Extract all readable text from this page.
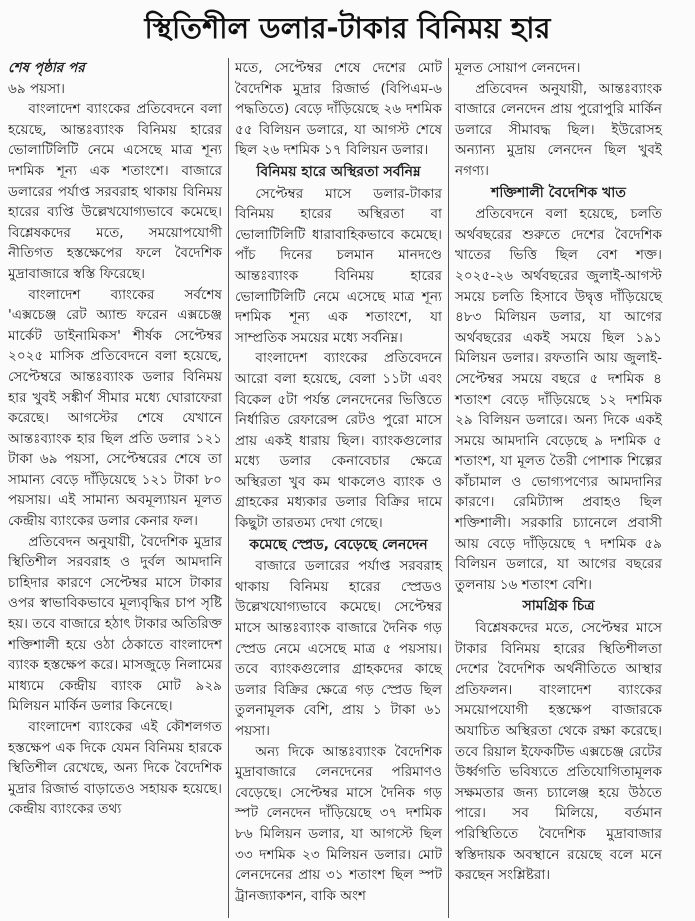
স্থিতিশীল ডলার-টাকার বিনিময় হার
শেষ পৃষ্ঠার পর

৬৯ পয়সা।

বাংলাদেশ ব্যাংকের প্রতিবেদনে বলা হয়েছে, আন্তঃব্যাংক বিনিময় হারের ভোলাটিলিটি নেমে এসেছে মাত্র শূন্য দশমিক শূন্য এক শতাংশে। বাজারে ডলারের পর্যাপ্ত সরবরাহ থাকায় বিনিময় হারের ব্যপ্তি উল্লেখযোগ্যভাবে কমেছে। বিশ্লেষকদের মতে, সময়োপযোগী নীতিগত হস্তক্ষেপের ফলে বৈদেশিক মুদ্রাবাজারে স্বস্তি ফিরেছে।

বাংলাদেশ ব্যাংকের সর্বশেষ 'এক্সচেঞ্জ রেট অ্যান্ড ফরেন এক্সচেঞ্জ মার্কেট ডাইনামিকস' শীর্ষক সেপ্টেম্বর ২০২৫ মাসিক প্রতিবেদনে বলা হয়েছে, সেপ্টেম্বরে আন্তঃব্যাংক ডলার বিনিময় হার খুবই সঙ্কীর্ণ সীমার মধ্যে ঘোরাফেরা করেছে। আগস্টের শেষে যেখানে আন্তঃব্যাংক হার ছিল প্রতি ডলার ১২১ টাকা ৬৯ পয়সা, সেপ্টেম্বরের শেষে তা সামান্য বেড়ে দাঁড়িয়েছে ১২১ টাকা ৮০ পয়সায়। এই সামান্য অবমূল্যায়ন মূলত কেন্দ্রীয় ব্যাংকের ডলার কেনার ফল।

প্রতিবেদন অনুযায়ী, বৈদেশিক মুদ্রার স্থিতিশীল সরবরাহ ও দুর্বল আমদানি চাহিদার কারণে সেপ্টেম্বর মাসে টাকার ওপর স্বাভাবিকভাবে মূল্যবৃদ্ধির চাপ সৃষ্টি হয়। তবে বাজারে হঠাৎ টাকার অতিরিক্ত শক্তিশালী হয়ে ওঠা ঠেকাতে বাংলাদেশ ব্যাংক হস্তক্ষেপ করে। মাসজুড়ে নিলামের মাধ্যমে কেন্দ্রীয় ব্যাংক মোট ৯২৯ মিলিয়ন মার্কিন ডলার কিনেছে।

বাংলাদেশ ব্যাংকের এই কৌশলগত হস্তক্ষেপ এক দিকে যেমন বিনিময় হারকে স্থিতিশীল রেখেছে, অন্য দিকে বৈদেশিক মুদ্রার রিজার্ভ বাড়াতেও সহায়ক হয়েছে। কেন্দ্রীয় ব্যাংকের তথ্য

মতে, সেপ্টেম্বর শেষে দেশের মোট বৈদেশিক মুদ্রার রিজার্ভ (বিপিএম-৬ পদ্ধতিতে) বেড়ে দাঁড়িয়েছে ২৬ দশমিক ৫৫ বিলিয়ন ডলারে, যা আগস্ট শেষে ছিল ২৬ দশমিক ১৭ বিলিয়ন ডলার।

বিনিময় হারে অস্থিরতা সর্বনিম্ন

সেপ্টেম্বর মাসে ডলার-টাকার বিনিময় হারের অস্থিরতা বা ভোলাটিলিটি ধারাবাহিকভাবে কমেছে। পাঁচ দিনের চলমান মানদণ্ডে আন্তঃব্যাংক বিনিময় হারের ভোলাটিলিটি নেমে এসেছে মাত্র শূন্য দশমিক শূন্য এক শতাংশে, যা সাম্প্রতিক সময়ের মধ্যে সর্বনিম্ন।

বাংলাদেশ ব্যাংকের প্রতিবেদনে আরো বলা হয়েছে, বেলা ১১টা এবং বিকেল ৫টা পর্যন্ত লেনদেনের ভিত্তিতে নির্ধারিত রেফারেন্স রেটও পুরো মাসে প্রায় একই ধারায় ছিল। ব্যাংকগুলোর মধ্যে ডলার কেনাবেচার ক্ষেত্রে অস্থিরতা খুব কম থাকলেও ব্যাংক ও গ্রাহকের মধ্যকার ডলার বিক্রির দামে কিছুটা তারতম্য দেখা গেছে।

কমেছে স্প্রেড, বেড়েছে লেনদেন

বাজারে ডলারের পর্যাপ্ত সরবরাহ থাকায় বিনিময় হারের স্প্রেডও উল্লেখযোগ্যভাবে কমেছে। সেপ্টেম্বর মাসে আন্তঃব্যাংক বাজারে দৈনিক গড় স্প্রেড নেমে এসেছে মাত্র ৫ পয়সায়। তবে ব্যাংকগুলোর গ্রাহকদের কাছে ডলার বিক্রির ক্ষেত্রে গড় স্প্রেড ছিল তুলনামূলক বেশি, প্রায় ১ টাকা ৬১ পয়সা।

অন্য দিকে আন্তঃব্যাংক বৈদেশিক মুদ্রাবাজারে লেনদেনের পরিমাণও বেড়েছে। সেপ্টেম্বর মাসে দৈনিক গড় স্পট লেনদেন দাঁড়িয়েছে ৩৭ দশমিক ৮৬ মিলিয়ন ডলার, যা আগস্টে ছিল ৩৩ দশমিক ২৩ মিলিয়ন ডলার। মোট লেনদেনের প্রায় ৩১ শতাংশ ছিল স্পট ট্রানজ্যাকশন, বাকি অংশ

মূলত সোয়াপ লেনদেন।

প্রতিবেদন অনুযায়ী, আন্তঃব্যাংক বাজারে লেনদেন প্রায় পুরোপুরি মার্কিন ডলারে সীমাবদ্ধ ছিল। ইউরোসহ অন্যান্য মুদ্রায় লেনদেন ছিল খুবই নগণ্য।

শক্তিশালী বৈদেশিক খাত

প্রতিবেদনে বলা হয়েছে, চলতি অর্থবছরের শুরুতে দেশের বৈদেশিক খাতের ভিত্তি ছিল বেশ শক্ত। ২০২৫-২৬ অর্থবছরের জুলাই-আগস্ট সময়ে চলতি হিসাবে উদ্বৃত্ত দাঁড়িয়েছে ৪৮৩ মিলিয়ন ডলার, যা আগের অর্থবছরের একই সময়ে ছিল ১৯১ মিলিয়ন ডলার। রফতানি আয় জুলাই-সেপ্টেম্বর সময়ে বছরে ৫ দশমিক ৪ শতাংশ বেড়ে দাঁড়িয়েছে ১২ দশমিক ২৯ বিলিয়ন ডলারে। অন্য দিকে একই সময়ে আমদানি বেড়েছে ৯ দশমিক ৫ শতাংশ, যা মূলত তৈরী পোশাক শিল্পের কাঁচামাল ও ভোগ্যপণ্যের আমদানির কারণে। রেমিট্যান্স প্রবাহও ছিল শক্তিশালী। সরকারি চ্যানেলে প্রবাসী আয় বেড়ে দাঁড়িয়েছে ৭ দশমিক ৫৯ বিলিয়ন ডলারে, যা আগের বছরের তুলনায় ১৬ শতাংশ বেশি।

সামগ্রিক চিত্র

বিশ্লেষকদের মতে, সেপ্টেম্বর মাসে টাকার বিনিময় হারের স্থিতিশীলতা দেশের বৈদেশিক অর্থনীতিতে আস্থার প্রতিফলন। বাংলাদেশ ব্যাংকের সময়োপযোগী হস্তক্ষেপ বাজারকে অযাচিত অস্থিরতা থেকে রক্ষা করেছে। তবে রিয়াল ইফেকটিভ এক্সচেঞ্জ রেটের উর্ধ্বগতি ভবিষ্যতে প্রতিযোগিতামূলক সক্ষমতার জন্য চ্যালেঞ্জ হয়ে উঠতে পারে। সব মিলিয়ে, বর্তমান পরিস্থিতিতে বৈদেশিক মুদ্রাবাজার স্বস্তিদায়ক অবস্থানে রয়েছে বলে মনে করছেন সংশ্লিষ্টরা।
